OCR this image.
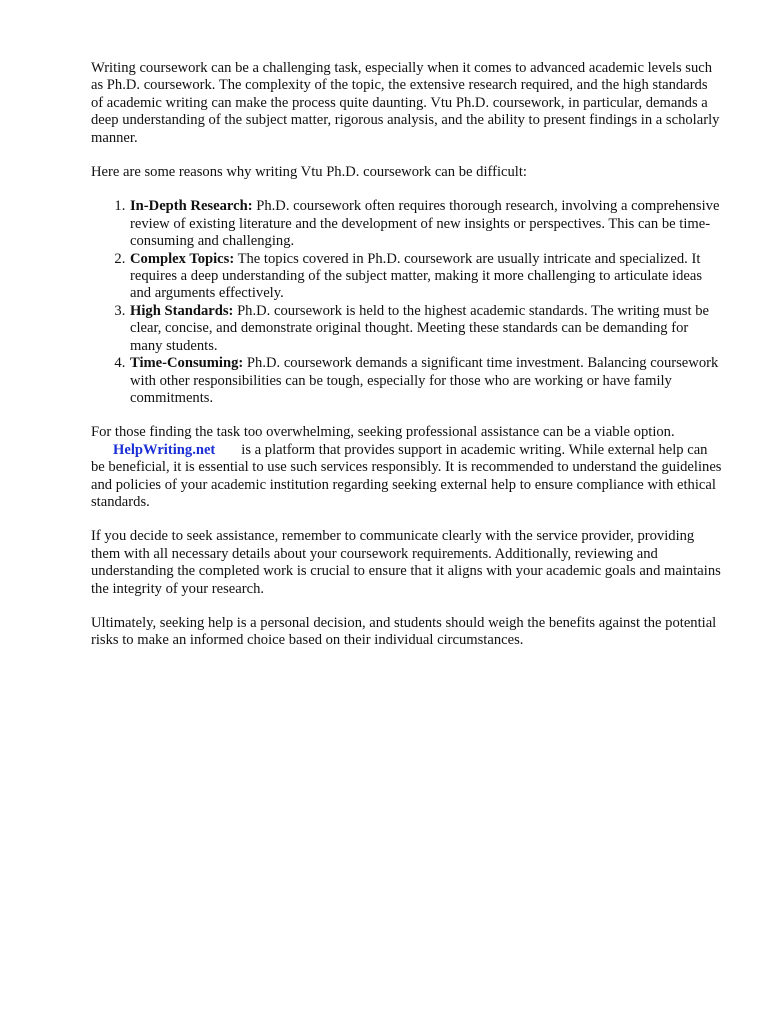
Writing coursework can be a challenging task, especially when it comes to advanced academic levels such as Ph.D. coursework. The complexity of the topic, the extensive research required, and the high standards of academic writing can make the process quite daunting. Vtu Ph.D. coursework, in particular, demands a deep understanding of the subject matter, rigorous analysis, and the ability to present findings in a scholarly manner.

Here are some reasons why writing Vtu Ph.D. coursework can be difficult:

1. In-Depth Research: Ph.D. coursework often requires thorough research, involving a comprehensive review of existing literature and the development of new insights or perspectives. This can be time-consuming and challenging.
2. Complex Topics: The topics covered in Ph.D. coursework are usually intricate and specialized. It requires a deep understanding of the subject matter, making it more challenging to articulate ideas and arguments effectively.
3. High Standards: Ph.D. coursework is held to the highest academic standards. The writing must be clear, concise, and demonstrate original thought. Meeting these standards can be demanding for many students.
4. Time-Consuming: Ph.D. coursework demands a significant time investment. Balancing coursework with other responsibilities can be tough, especially for those who are working or have family commitments.

For those finding the task too overwhelming, seeking professional assistance can be a viable option. HelpWriting.net is a platform that provides support in academic writing. While external help can be beneficial, it is essential to use such services responsibly. It is recommended to understand the guidelines and policies of your academic institution regarding seeking external help to ensure compliance with ethical standards.

If you decide to seek assistance, remember to communicate clearly with the service provider, providing them with all necessary details about your coursework requirements. Additionally, reviewing and understanding the completed work is crucial to ensure that it aligns with your academic goals and maintains the integrity of your research.

Ultimately, seeking help is a personal decision, and students should weigh the benefits against the potential risks to make an informed choice based on their individual circumstances.
